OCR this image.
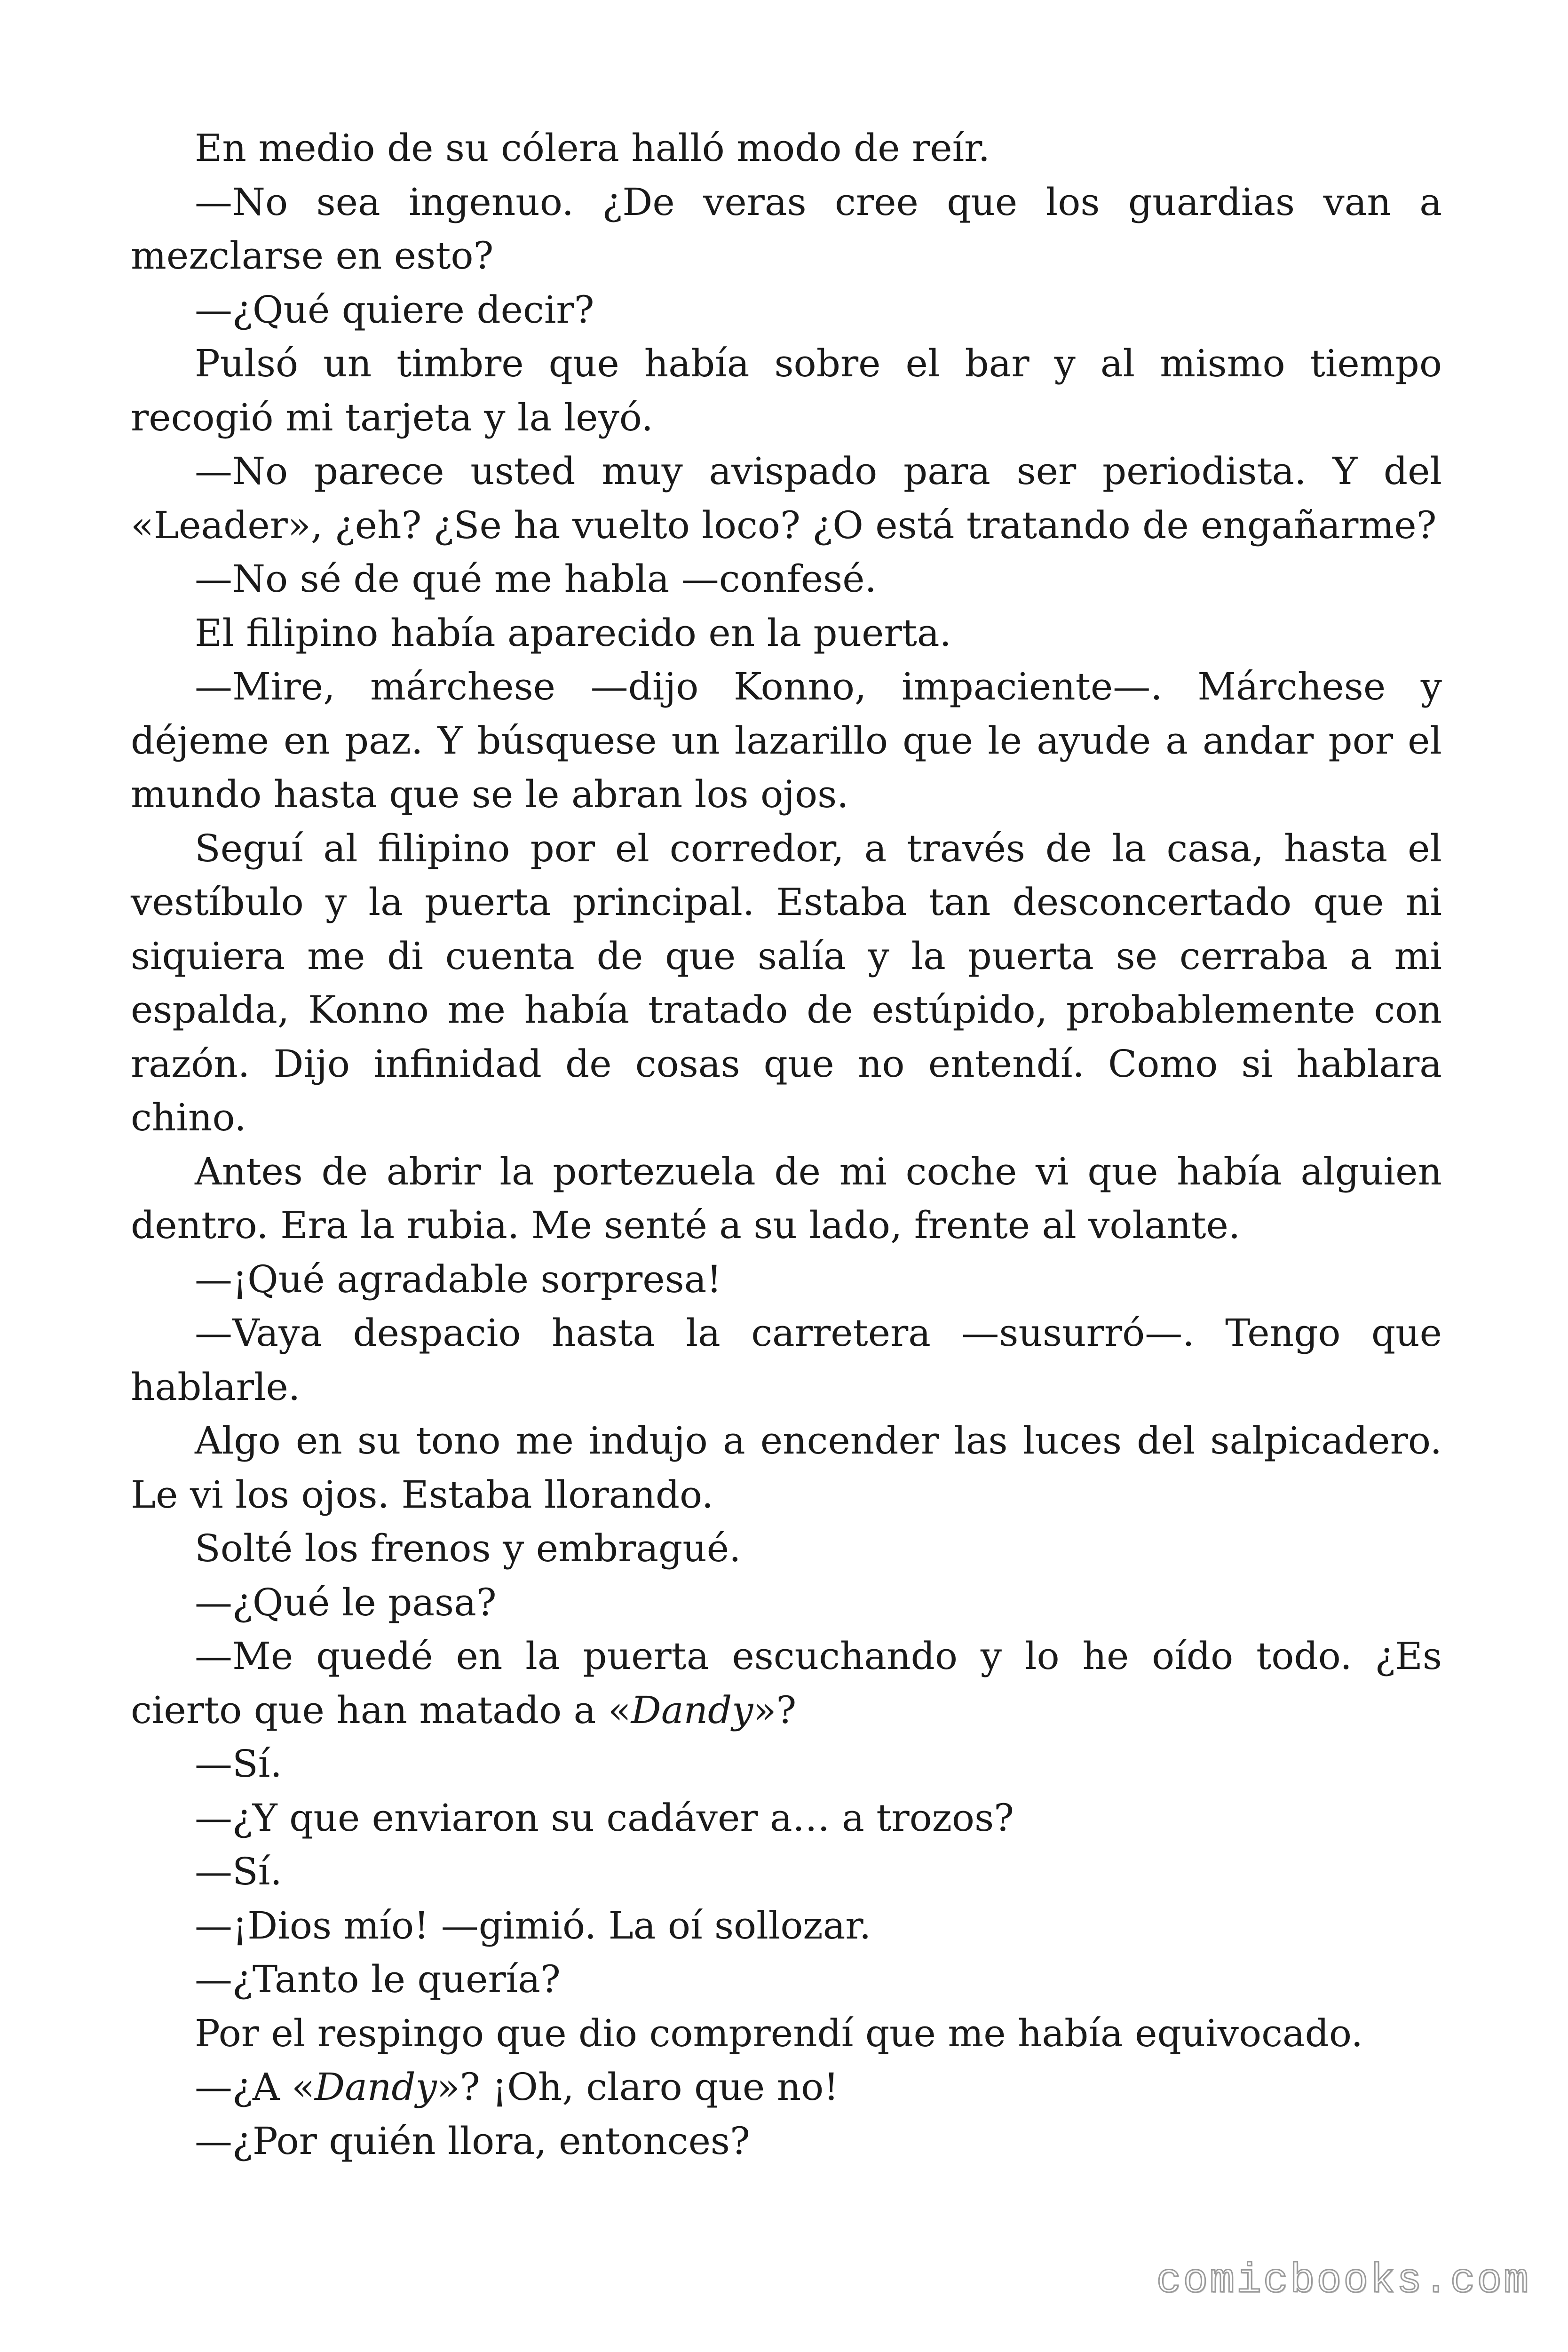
En medio de su cólera halló modo de reír.

—No sea ingenuo. ¿De veras cree que los guardias van a mezclarse en esto?

—¿Qué quiere decir?

Pulsó un timbre que había sobre el bar y al mismo tiempo recogió mi tarjeta y la leyó.

—No parece usted muy avispado para ser periodista. Y del «Leader», ¿eh? ¿Se ha vuelto loco? ¿O está tratando de engañarme?

—No sé de qué me habla —confesé.

El filipino había aparecido en la puerta.

—Mire, márchese —dijo Konno, impaciente—. Márchese y déjeme en paz. Y búsquese un lazarillo que le ayude a andar por el mundo hasta que se le abran los ojos.

Seguí al filipino por el corredor, a través de la casa, hasta el vestíbulo y la puerta principal. Estaba tan desconcertado que ni siquiera me di cuenta de que salía y la puerta se cerraba a mi espalda, Konno me había tratado de estúpido, probablemente con razón. Dijo infinidad de cosas que no entendí. Como si hablara chino.

Antes de abrir la portezuela de mi coche vi que había alguien dentro. Era la rubia. Me senté a su lado, frente al volante.

—¡Qué agradable sorpresa!

—Vaya despacio hasta la carretera —susurró—. Tengo que hablarle.

Algo en su tono me indujo a encender las luces del salpicadero. Le vi los ojos. Estaba llorando.

Solté los frenos y embragué.

—¿Qué le pasa?

—Me quedé en la puerta escuchando y lo he oído todo. ¿Es cierto que han matado a «Dandy»?

—Sí.

—¿Y que enviaron su cadáver a… a trozos?

—Sí.

—¡Dios mío! —gimió. La oí sollozar.

—¿Tanto le quería?

Por el respingo que dio comprendí que me había equivocado.

—¿A «Dandy»? ¡Oh, claro que no!

—¿Por quién llora, entonces?

comicbooks.com
